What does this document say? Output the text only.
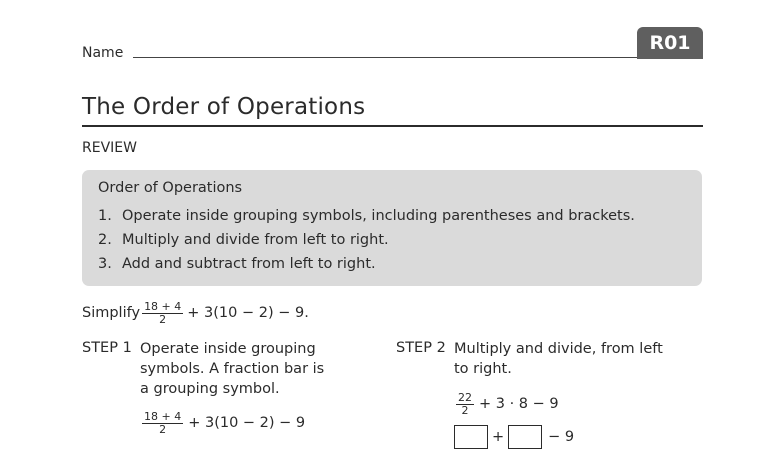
Name	R01
The Order of Operations
REVIEW
Order of Operations
1. Operate inside grouping symbols, including parentheses and brackets.
2. Multiply and divide from left to right.
3. Add and subtract from left to right.
Simplify $\frac{18 + 4}{2} + 3(10 - 2) - 9$.
STEP 1 Operate inside grouping
symbols. A fraction bar is
a grouping symbol.
$\frac{18 + 4}{2} + 3(10 - 2) - 9$
STEP 2 Multiply and divide, from left
to right.
$\frac{22}{2} + 3 \cdot 8 - 9$
+	− 9
